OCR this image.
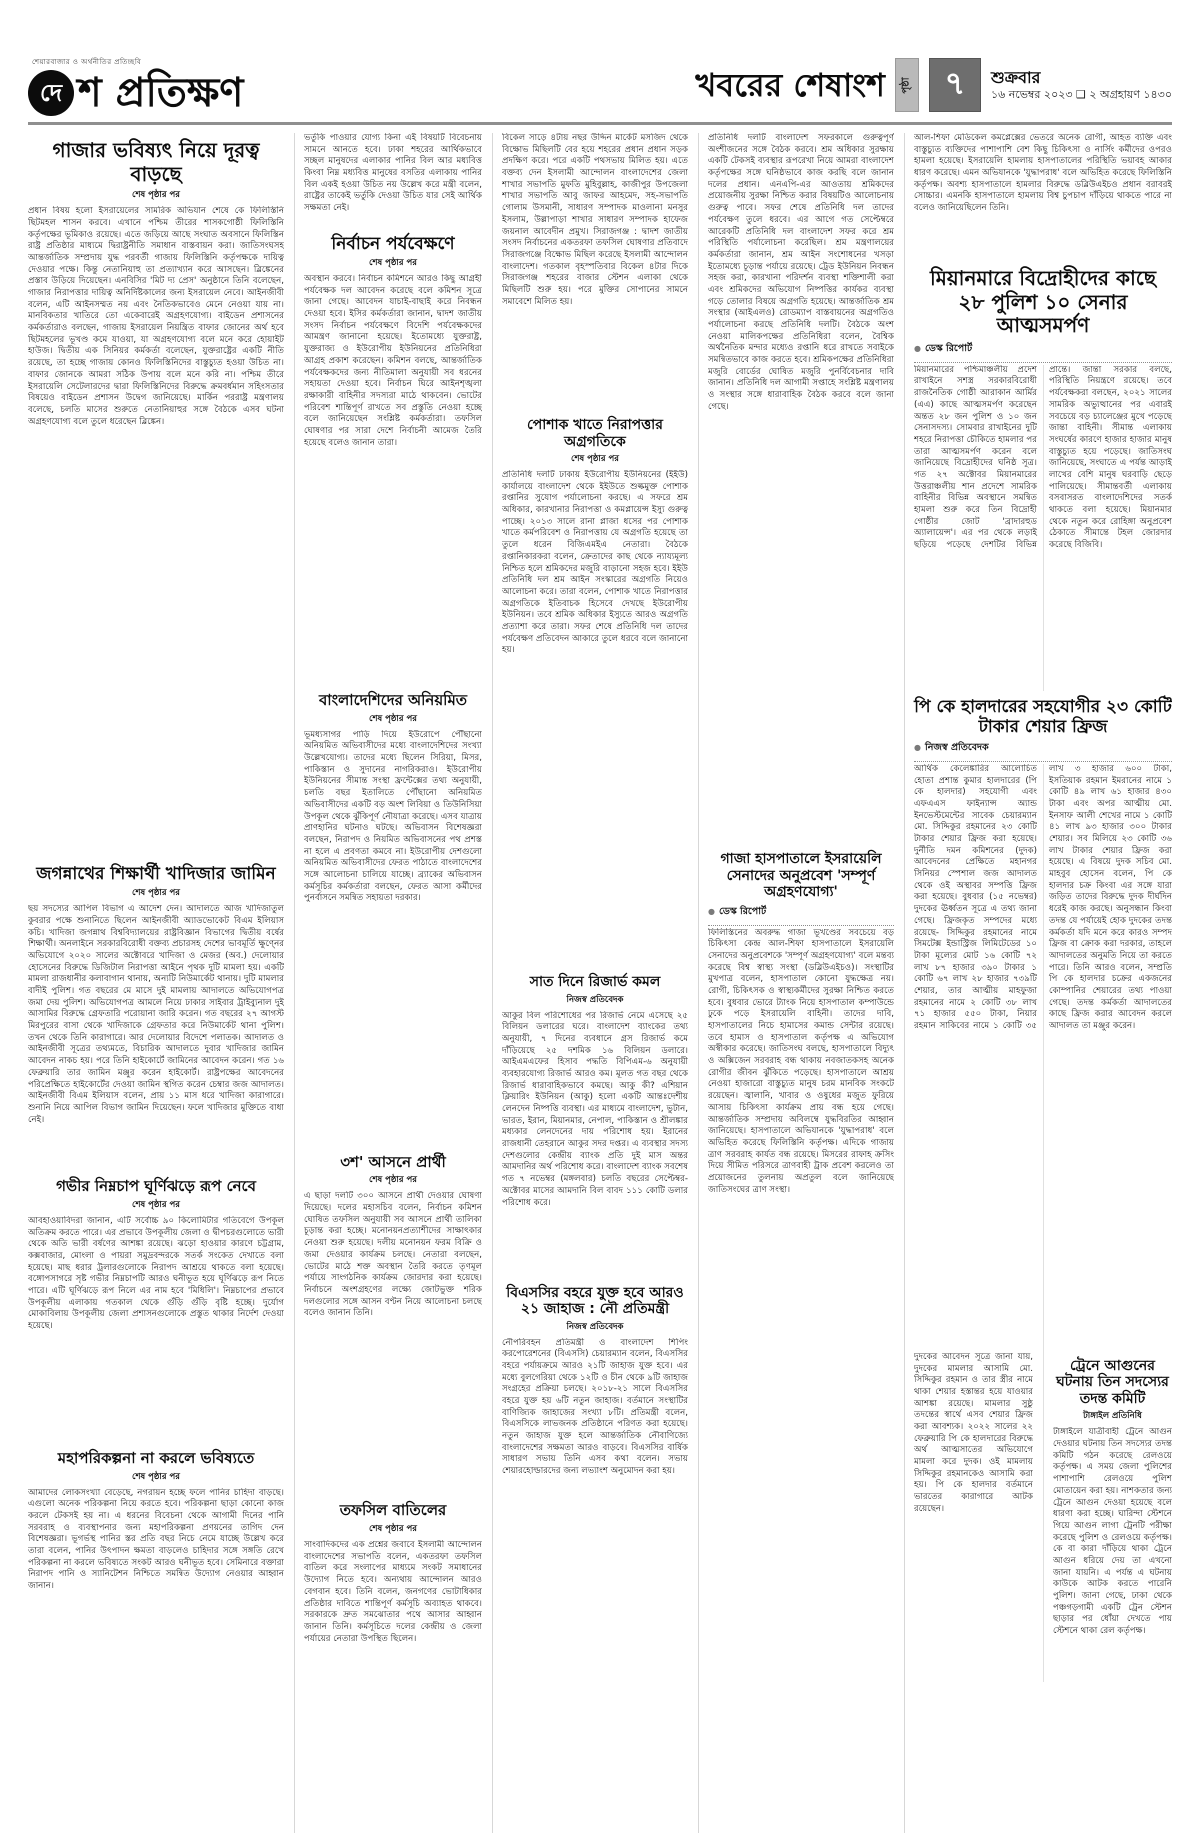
শেয়ারবাজার ও অর্থনীতির প্রতিচ্ছবি
দে শ প্রতিক্ষণ	খবরের শেষাংশ পৃষ্ঠা	৭	শুক্রবার
১৬ নভেম্বর ২০২৩ ❑ ২ অগ্রহায়ণ ১৪৩০
গাজার ভবিষ্যৎ নিয়ে দূরত্ব বাড়ছে
শেষ পৃষ্ঠার পর
প্রধান বিষয় হলো ইসরায়েলের সামরিক অভিযান শেষে কে ফিলিস্তিনি ছিটমহল শাসন করবে। এখানে পশ্চিম তীরের শাসকগোষ্ঠী ফিলিস্তিনি কর্তৃপক্ষের ভূমিকাও রয়েছে। এতে জড়িয়ে আছে সংঘাত অবসানে ফিলিস্তিন রাষ্ট্র প্রতিষ্ঠার মাধ্যমে দ্বিরাষ্ট্রনীতি সমাধান বাস্তবায়ন করা। জাতিসংঘসহ আন্তর্জাতিক সম্প্রদায় যুদ্ধ পরবর্তী গাজায় ফিলিস্তিনি কর্তৃপক্ষকে দায়িত্ব দেওয়ার পক্ষে। কিন্তু নেতানিয়াহু তা প্রত্যাখ্যান করে আসছেন। ব্লিঙ্কেনের প্রস্তাব উড়িয়ে দিয়েছেন। এনবিসির 'মিট দ্য প্রেস' অনুষ্ঠানে তিনি বলেছেন, গাজার নিরাপত্তার দায়িত্ব অনির্দিষ্টকালের জন্য ইসরায়েল নেবে। আইনজীবী বলেন, এটি আইনসম্মত নয় এবং নৈতিকভাবেও মেনে নেওয়া যায় না। মানবিকতার খাতিরে তো একেবারেই অগ্রহণযোগ্য। বাইডেন প্রশাসনের কর্মকর্তারাও বলছেন, গাজায় ইসরায়েল নিয়ন্ত্রিত বাফার জোনের অর্থ হবে ছিটমহলের ভূখণ্ড কমে যাওয়া, যা অগ্রহণযোগ্য বলে মনে করে হোয়াইট হাউজ। দ্বিতীয় এক সিনিয়র কর্মকর্তা বলেছেন, যুক্তরাষ্ট্রের একটি নীতি রয়েছে, তা হচ্ছে গাজায় কোনও ফিলিস্তিনিদের বাস্তুচ্যুত হওয়া উচিত না। বাফার জোনকে আমরা সঠিক উপায় বলে মনে করি না। পশ্চিম তীরে ইসরায়েলি সেটেলারদের দ্বারা ফিলিস্তিনিদের বিরুদ্ধে ক্রমবর্ধমান সহিংসতার বিষয়েও বাইডেন প্রশাসন উদ্বেগ জানিয়েছে। মার্কিন পররাষ্ট্র মন্ত্রণালয় বলেছে, চলতি মাসের শুরুতে নেতানিয়াহুর সঙ্গে বৈঠকে এসব ঘটনা অগ্রহণযোগ্য বলে তুলে ধরেছেন ব্লিঙ্কেন।
জগন্নাথের শিক্ষার্থী খাদিজার জামিন
শেষ পৃষ্ঠার পর
ছয় সদস্যের আপিল বিভাগ এ আদেশ দেন। আদালতে আজ খাদিজাতুল কুবরার পক্ষে শুনানিতে ছিলেন আইনজীবী অ্যাডভোকেট বিএম ইলিয়াস কচি। খাদিজা জগন্নাথ বিশ্ববিদ্যালয়ের রাষ্ট্রবিজ্ঞান বিভাগের দ্বিতীয় বর্ষের শিক্ষার্থী। অনলাইনে সরকারবিরোধী বক্তব্য প্রচারসহ দেশের ভাবমূর্তি ক্ষুণ্নের অভিযোগে ২০২০ সালের অক্টোবরে খাদিজা ও মেজর (অব.) দেলোয়ার হোসেনের বিরুদ্ধে ডিজিটাল নিরাপত্তা আইনে পৃথক দুটি মামলা হয়। একটি মামলা রাজধানীর কলাবাগান থানায়, অন্যটি নিউমার্কেট থানায়। দুটি মামলার বাদীই পুলিশ। গত বছরের মে মাসে দুই মামলায় আদালতে অভিযোগপত্র জমা দেয় পুলিশ। অভিযোগপত্র আমলে নিয়ে ঢাকার সাইবার ট্রাইব্যুনাল দুই আসামির বিরুদ্ধে গ্রেফতারি পরোয়ানা জারি করেন। গত বছরের ২৭ আগস্ট মিরপুরের বাসা থেকে খাদিজাকে গ্রেফতার করে নিউমার্কেট থানা পুলিশ। তখন থেকে তিনি কারাগারে। আর দেলোয়ার বিদেশে পলাতক। আদালত ও আইনজীবী সূত্রের তথ্যমতে, বিচারিক আদালতে দুবার খাদিজার জামিন আবেদন নাকচ হয়। পরে তিনি হাইকোর্টে জামিনের আবেদন করেন। গত ১৬ ফেব্রুয়ারি তার জামিন মঞ্জুর করেন হাইকোর্ট। রাষ্ট্রপক্ষের আবেদনের পরিপ্রেক্ষিতে হাইকোর্টের দেওয়া জামিন স্থগিত করেন চেম্বার জজ আদালত। আইনজীবী বিএম ইলিয়াস বলেন, প্রায় ১১ মাস ধরে খাদিজা কারাগারে। শুনানি নিয়ে আপিল বিভাগ জামিন দিয়েছেন। ফলে খাদিজার মুক্তিতে বাধা নেই।
গভীর নিম্নচাপ ঘূর্ণিঝড়ে রূপ নেবে
শেষ পৃষ্ঠার পর
আবহাওয়াবিদরা জানান, এটি সর্বোচ্চ ৯০ কিলোমিটার গতিবেগে উপকূল অতিক্রম করতে পারে। এর প্রভাবে উপকূলীয় জেলা ও দ্বীপচরগুলোতে ভারী থেকে অতি ভারী বর্ষণের আশঙ্কা রয়েছে। ঝড়ো হাওয়ার কারণে চট্টগ্রাম, কক্সবাজার, মোংলা ও পায়রা সমুদ্রবন্দরকে সতর্ক সংকেত দেখাতে বলা হয়েছে। মাছ ধরার ট্রলারগুলোকে নিরাপদ আশ্রয়ে থাকতে বলা হয়েছে। বঙ্গোপসাগরে সৃষ্ট গভীর নিম্নচাপটি আরও ঘনীভূত হয়ে ঘূর্ণিঝড়ে রূপ নিতে পারে। এটি ঘূর্ণিঝড়ে রূপ নিলে এর নাম হবে 'মিধিলি'। নিম্নচাপের প্রভাবে উপকূলীয় এলাকায় গতকাল থেকে গুঁড়ি গুঁড়ি বৃষ্টি হচ্ছে। দুর্যোগ মোকাবিলায় উপকূলীয় জেলা প্রশাসনগুলোকে প্রস্তুত থাকার নির্দেশ দেওয়া হয়েছে।
মহাপরিকল্পনা না করলে ভবিষ্যতে
শেষ পৃষ্ঠার পর
আমাদের লোকসংখ্যা বেড়েছে, নগরায়ন হচ্ছে ফলে পানির চাহিদা বাড়ছে। এগুলো অনেক পরিকল্পনা নিয়ে করতে হবে। পরিকল্পনা ছাড়া কোনো কাজ করলে টেকসই হয় না। এ ধরনের বিবেচনা থেকে আগামী দিনের পানি সরবরাহ ও ব্যবস্থাপনার জন্য মহাপরিকল্পনা প্রণয়নের তাগিদ দেন বিশেষজ্ঞরা। ভূগর্ভস্থ পানির স্তর প্রতি বছর নিচে নেমে যাচ্ছে উল্লেখ করে তারা বলেন, পানির উৎপাদন ক্ষমতা বাড়লেও চাহিদার সঙ্গে সঙ্গতি রেখে পরিকল্পনা না করলে ভবিষ্যতে সংকট আরও ঘনীভূত হবে। সেমিনারে বক্তারা নিরাপদ পানি ও স্যানিটেশন নিশ্চিতে সমন্বিত উদ্যোগ নেওয়ার আহ্বান জানান।
ভর্তুকি পাওয়ার যোগ্য কিনা এই বিষয়টি বিবেচনায় সামনে আনতে হবে। ঢাকা শহরের আর্থিকভাবে সচ্ছল মানুষদের এলাকার পানির বিল আর মধ্যবিত্ত কিংবা নিম্ন মধ্যবিত্ত মানুষের বসতির এলাকায় পানির বিল একই হওয়া উচিত নয় উল্লেখ করে মন্ত্রী বলেন, রাষ্ট্রের তাকেই ভর্তুকি দেওয়া উচিত যার সেই আর্থিক সক্ষমতা নেই।
নির্বাচন পর্যবেক্ষণে
শেষ পৃষ্ঠার পর
অবস্থান করবে। নির্বাচন কমিশনে আরও কিছু আগ্রহী পর্যবেক্ষক দল আবেদন করেছে বলে কমিশন সূত্রে জানা গেছে। আবেদন যাচাই-বাছাই করে নিবন্ধন দেওয়া হবে। ইসির কর্মকর্তারা জানান, দ্বাদশ জাতীয় সংসদ নির্বাচন পর্যবেক্ষণে বিদেশি পর্যবেক্ষকদের আমন্ত্রণ জানানো হয়েছে। ইতোমধ্যে যুক্তরাষ্ট্র, যুক্তরাজ্য ও ইউরোপীয় ইউনিয়নের প্রতিনিধিরা আগ্রহ প্রকাশ করেছেন। কমিশন বলছে, আন্তর্জাতিক পর্যবেক্ষকদের জন্য নীতিমালা অনুযায়ী সব ধরনের সহায়তা দেওয়া হবে। নির্বাচন ঘিরে আইনশৃঙ্খলা রক্ষাকারী বাহিনীর সদস্যরা মাঠে থাকবেন। ভোটের পরিবেশ শান্তিপূর্ণ রাখতে সব প্রস্তুতি নেওয়া হচ্ছে বলে জানিয়েছেন সংশ্লিষ্ট কর্মকর্তারা। তফসিল ঘোষণার পর সারা দেশে নির্বাচনী আমেজ তৈরি হয়েছে বলেও জানান তারা।
বাংলাদেশিদের অনিয়মিত
শেষ পৃষ্ঠার পর
ভূমধ্যসাগর পাড়ি দিয়ে ইউরোপে পৌঁছানো অনিয়মিত অভিবাসীদের মধ্যে বাংলাদেশিদের সংখ্যা উল্লেখযোগ্য। তাদের মধ্যে ছিলেন সিরিয়া, মিসর, পাকিস্তান ও সুদানের নাগরিকরাও। ইউরোপীয় ইউনিয়নের সীমান্ত সংস্থা ফ্রন্টেক্সের তথ্য অনুযায়ী, চলতি বছর ইতালিতে পৌঁছানো অনিয়মিত অভিবাসীদের একটি বড় অংশ লিবিয়া ও তিউনিসিয়া উপকূল থেকে ঝুঁকিপূর্ণ নৌযাত্রা করেছে। এসব যাত্রায় প্রাণহানির ঘটনাও ঘটছে। অভিবাসন বিশেষজ্ঞরা বলছেন, নিরাপদ ও নিয়মিত অভিবাসনের পথ প্রশস্ত না হলে এ প্রবণতা কমবে না। ইউরোপীয় দেশগুলো অনিয়মিত অভিবাসীদের ফেরত পাঠাতে বাংলাদেশের সঙ্গে আলোচনা চালিয়ে যাচ্ছে। ব্র্যাকের অভিবাসন কর্মসূচির কর্মকর্তারা বলছেন, ফেরত আসা কর্মীদের পুনর্বাসনে সমন্বিত সহায়তা দরকার।
৩শ' আসনে প্রার্থী
শেষ পৃষ্ঠার পর
এ ছাড়া দলটি ৩০০ আসনে প্রার্থী দেওয়ার ঘোষণা দিয়েছে। দলের মহাসচিব বলেন, নির্বাচন কমিশন ঘোষিত তফসিল অনুযায়ী সব আসনে প্রার্থী তালিকা চূড়ান্ত করা হচ্ছে। মনোনয়নপ্রত্যাশীদের সাক্ষাৎকার নেওয়া শুরু হয়েছে। দলীয় মনোনয়ন ফরম বিক্রি ও জমা দেওয়ার কার্যক্রম চলছে। নেতারা বলছেন, ভোটের মাঠে শক্ত অবস্থান তৈরি করতে তৃণমূল পর্যায়ে সাংগঠনিক কার্যক্রম জোরদার করা হয়েছে। নির্বাচনে অংশগ্রহণের লক্ষ্যে জোটভুক্ত শরিক দলগুলোর সঙ্গে আসন বণ্টন নিয়ে আলোচনা চলছে বলেও জানান তিনি।
তফসিল বাতিলের
শেষ পৃষ্ঠার পর
সাংবাদিকদের এক প্রশ্নের জবাবে ইসলামী আন্দোলন বাংলাদেশের সভাপতি বলেন, একতরফা তফসিল বাতিল করে সংলাপের মাধ্যমে সংকট সমাধানের উদ্যোগ নিতে হবে। অন্যথায় আন্দোলন আরও বেগবান হবে। তিনি বলেন, জনগণের ভোটাধিকার প্রতিষ্ঠার দাবিতে শান্তিপূর্ণ কর্মসূচি অব্যাহত থাকবে। সরকারকে দ্রুত সমঝোতার পথে আসার আহ্বান জানান তিনি। কর্মসূচিতে দলের কেন্দ্রীয় ও জেলা পর্যায়ের নেতারা উপস্থিত ছিলেন।
বিকেল সাড়ে ৪টায় নছর উদ্দিন মার্কেট মসজিদ থেকে বিক্ষোভ মিছিলটি বের হয়ে শহরের প্রধান প্রধান সড়ক প্রদক্ষিণ করে। পরে একটি পথসভায় মিলিত হয়। এতে বক্তব্য দেন ইসলামী আন্দোলন বাংলাদেশের জেলা শাখার সভাপতি মুফতি মুহিবুল্লাহ, কাজীপুর উপজেলা শাখার সভাপতি আবু জাফর আহমেদ, সহ-সভাপতি গোলাম উসমানী, সাধারণ সম্পাদক মাওলানা মনসুর ইসলাম, উল্লাপাড়া শাখার সাধারণ সম্পাদক হাফেজ জয়নাল আবেদীন প্রমুখ। সিরাজগঞ্জ : দ্বাদশ জাতীয় সংসদ নির্বাচনের একতরফা তফসিল ঘোষণার প্রতিবাদে সিরাজগঞ্জে বিক্ষোভ মিছিল করেছে ইসলামী আন্দোলন বাংলাদেশ। গতকাল বৃহস্পতিবার বিকেল ৪টার দিকে সিরাজগঞ্জ শহরের বাজার স্টেশন এলাকা থেকে মিছিলটি শুরু হয়। পরে মুক্তির সোপানের সামনে সমাবেশে মিলিত হয়।
পোশাক খাতে নিরাপত্তার অগ্রগতিকে
শেষ পৃষ্ঠার পর
প্রতিনিধি দলটি ঢাকায় ইউরোপীয় ইউনিয়নের (ইইউ) কার্যালয়ে বাংলাদেশ থেকে ইইউতে শুল্কমুক্ত পোশাক রপ্তানির সুযোগ পর্যালোচনা করছে। এ সফরে শ্রম অধিকার, কারখানার নিরাপত্তা ও কমপ্লায়েন্স ইস্যু গুরুত্ব পাচ্ছে। ২০১৩ সালে রানা প্লাজা ধসের পর পোশাক খাতে কর্মপরিবেশ ও নিরাপত্তায় যে অগ্রগতি হয়েছে তা তুলে ধরেন বিজিএমইএ নেতারা। বৈঠকে রপ্তানিকারকরা বলেন, ক্রেতাদের কাছ থেকে ন্যায্যমূল্য নিশ্চিত হলে শ্রমিকদের মজুরি বাড়ানো সহজ হবে। ইইউ প্রতিনিধি দল শ্রম আইন সংস্কারের অগ্রগতি নিয়েও আলোচনা করে। তারা বলেন, পোশাক খাতে নিরাপত্তার অগ্রগতিকে ইতিবাচক হিসেবে দেখছে ইউরোপীয় ইউনিয়ন। তবে শ্রমিক অধিকার ইস্যুতে আরও অগ্রগতি প্রত্যাশা করে তারা। সফর শেষে প্রতিনিধি দল তাদের পর্যবেক্ষণ প্রতিবেদন আকারে তুলে ধরবে বলে জানানো হয়।
সাত দিনে রিজার্ভ কমল
নিজস্ব প্রতিবেদক
আকুর বিল পরিশোধের পর রিজার্ভ নেমে এসেছে ২৫ বিলিয়ন ডলারের ঘরে। বাংলাদেশ ব্যাংকের তথ্য অনুযায়ী, ৭ দিনের ব্যবধানে গ্রস রিজার্ভ কমে দাঁড়িয়েছে ২৫ দশমিক ১৬ বিলিয়ন ডলারে। আইএমএফের হিসাব পদ্ধতি বিপিএম-৬ অনুযায়ী ব্যবহারযোগ্য রিজার্ভ আরও কম। মূলত গত বছর থেকে রিজার্ভ ধারাবাহিকভাবে কমছে। আকু কী? এশিয়ান ক্লিয়ারিং ইউনিয়ন (আকু) হলো একটি আন্তঃদেশীয় লেনদেন নিষ্পত্তি ব্যবস্থা। এর মাধ্যমে বাংলাদেশ, ভুটান, ভারত, ইরান, মিয়ানমার, নেপাল, পাকিস্তান ও শ্রীলঙ্কার মধ্যকার লেনদেনের দায় পরিশোধ হয়। ইরানের রাজধানী তেহরানে আকুর সদর দপ্তর। এ ব্যবস্থার সদস্য দেশগুলোর কেন্দ্রীয় ব্যাংক প্রতি দুই মাস অন্তর আমদানির অর্থ পরিশোধ করে। বাংলাদেশ ব্যাংক সবশেষ গত ৭ নভেম্বর (মঙ্গলবার) চলতি বছরের সেপ্টেম্বর-অক্টোবর মাসের আমদানি বিল বাবদ ১১১ কোটি ডলার পরিশোধ করে।
বিএসসির বহরে যুক্ত হবে আরও ২১ জাহাজ : নৌ প্রতিমন্ত্রী
নিজস্ব প্রতিবেদক
নৌপরিবহন প্রতিমন্ত্রী ও বাংলাদেশ শিপিং করপোরেশনের (বিএসসি) চেয়ারম্যান বলেন, বিএসসির বহরে পর্যায়ক্রমে আরও ২১টি জাহাজ যুক্ত হবে। এর মধ্যে বুলগেরিয়া থেকে ১২টি ও চীন থেকে ৯টি জাহাজ সংগ্রহের প্রক্রিয়া চলছে। ২০১৮-২১ সালে বিএসসির বহরে যুক্ত হয় ৬টি নতুন জাহাজ। বর্তমানে সংস্থাটির বাণিজ্যিক জাহাজের সংখ্যা ৮টি। প্রতিমন্ত্রী বলেন, বিএসসিকে লাভজনক প্রতিষ্ঠানে পরিণত করা হয়েছে। নতুন জাহাজ যুক্ত হলে আন্তর্জাতিক নৌবাণিজ্যে বাংলাদেশের সক্ষমতা আরও বাড়বে। বিএসসির বার্ষিক সাধারণ সভায় তিনি এসব কথা বলেন। সভায় শেয়ারহোল্ডারদের জন্য লভ্যাংশ অনুমোদন করা হয়।
প্রতিনিধি দলটি বাংলাদেশ সফরকালে গুরুত্বপূর্ণ অংশীজনের সঙ্গে বৈঠক করবে। শ্রম অধিকার সুরক্ষায় একটি টেকসই ব্যবস্থার রূপরেখা নিয়ে আমরা বাংলাদেশ কর্তৃপক্ষের সঙ্গে ঘনিষ্ঠভাবে কাজ করছি বলে জানান দলের প্রধান। এনএপি-এর আওতায় শ্রমিকদের প্রয়োজনীয় সুরক্ষা নিশ্চিত করার বিষয়টিও আলোচনায় গুরুত্ব পাবে। সফর শেষে প্রতিনিধি দল তাদের পর্যবেক্ষণ তুলে ধরবে। এর আগে গত সেপ্টেম্বরে আরেকটি প্রতিনিধি দল বাংলাদেশ সফর করে শ্রম পরিস্থিতি পর্যালোচনা করেছিল। শ্রম মন্ত্রণালয়ের কর্মকর্তারা জানান, শ্রম আইন সংশোধনের খসড়া ইতোমধ্যে চূড়ান্ত পর্যায়ে রয়েছে। ট্রেড ইউনিয়ন নিবন্ধন সহজ করা, কারখানা পরিদর্শন ব্যবস্থা শক্তিশালী করা এবং শ্রমিকদের অভিযোগ নিষ্পত্তির কার্যকর ব্যবস্থা গড়ে তোলার বিষয়ে অগ্রগতি হয়েছে। আন্তর্জাতিক শ্রম সংস্থার (আইএলও) রোডম্যাপ বাস্তবায়নের অগ্রগতিও পর্যালোচনা করছে প্রতিনিধি দলটি। বৈঠকে অংশ নেওয়া মালিকপক্ষের প্রতিনিধিরা বলেন, বৈশ্বিক অর্থনৈতিক মন্দার মধ্যেও রপ্তানি ধরে রাখতে সবাইকে সমন্বিতভাবে কাজ করতে হবে। শ্রমিকপক্ষের প্রতিনিধিরা মজুরি বোর্ডের ঘোষিত মজুরি পুনর্বিবেচনার দাবি জানান। প্রতিনিধি দল আগামী সপ্তাহে সংশ্লিষ্ট মন্ত্রণালয় ও সংস্থার সঙ্গে ধারাবাহিক বৈঠক করবে বলে জানা গেছে।
গাজা হাসপাতালে ইসরায়েলি সেনাদের অনুপ্রবেশ 'সম্পূর্ণ অগ্রহণযোগ্য'
● ডেস্ক রিপোর্ট
ফিলিস্তিনের অবরুদ্ধ গাজা ভূখণ্ডের সবচেয়ে বড় চিকিৎসা কেন্দ্র আল-শিফা হাসপাতালে ইসরায়েলি সেনাদের অনুপ্রবেশকে 'সম্পূর্ণ অগ্রহণযোগ্য' বলে মন্তব্য করেছে বিশ্ব স্বাস্থ্য সংস্থা (ডব্লিউএইচও)। সংস্থাটির মুখপাত্র বলেন, হাসপাতাল কোনো যুদ্ধক্ষেত্র নয়। রোগী, চিকিৎসক ও স্বাস্থ্যকর্মীদের সুরক্ষা নিশ্চিত করতে হবে। বুধবার ভোরে ট্যাংক নিয়ে হাসপাতাল কম্পাউন্ডে ঢুকে পড়ে ইসরায়েলি বাহিনী। তাদের দাবি, হাসপাতালের নিচে হামাসের কমান্ড সেন্টার রয়েছে। তবে হামাস ও হাসপাতাল কর্তৃপক্ষ এ অভিযোগ অস্বীকার করেছে। জাতিসংঘ বলছে, হাসপাতালে বিদ্যুৎ ও অক্সিজেন সরবরাহ বন্ধ থাকায় নবজাতকসহ অনেক রোগীর জীবন ঝুঁকিতে পড়েছে। হাসপাতালে আশ্রয় নেওয়া হাজারো বাস্তুচ্যুত মানুষ চরম মানবিক সংকটে রয়েছেন। জ্বালানি, খাবার ও ওষুধের মজুত ফুরিয়ে আসায় চিকিৎসা কার্যক্রম প্রায় বন্ধ হয়ে গেছে। আন্তর্জাতিক সম্প্রদায় অবিলম্বে যুদ্ধবিরতির আহ্বান জানিয়েছে। হাসপাতালে অভিযানকে 'যুদ্ধাপরাধ' বলে অভিহিত করেছে ফিলিস্তিনি কর্তৃপক্ষ। এদিকে গাজায় ত্রাণ সরবরাহ কার্যত বন্ধ রয়েছে। মিসরের রাফাহ ক্রসিং দিয়ে সীমিত পরিসরে ত্রাণবাহী ট্রাক প্রবেশ করলেও তা প্রয়োজনের তুলনায় অপ্রতুল বলে জানিয়েছে জাতিসংঘের ত্রাণ সংস্থা।
আল-শিফা মেডিকেল কমপ্লেক্সের ভেতরে অনেক রোগী, আহত ব্যক্তি এবং বাস্তুচ্যুত ব্যক্তিদের পাশাপাশি বেশ কিছু চিকিৎসা ও নার্সিং কর্মীদের ওপরও হামলা হয়েছে। ইসরায়েলি হামলায় হাসপাতালের পরিস্থিতি ভয়াবহ আকার ধারণ করেছে। এমন অভিযানকে 'যুদ্ধাপরাধ' বলে অভিহিত করেছে ফিলিস্তিনি কর্তৃপক্ষ। অবশ্য হাসপাতালে হামলার বিরুদ্ধে ডব্লিউএইচও প্রধান বরাবরই সোচ্চার। এমনকি হাসপাতালে হামলায় বিশ্ব চুপচাপ দাঁড়িয়ে থাকতে পারে না বলেও জানিয়েছিলেন তিনি।
মিয়ানমারে বিদ্রোহীদের কাছে ২৮ পুলিশ ১০ সেনার আত্মসমর্পণ
● ডেস্ক রিপোর্ট
মিয়ানমারের পশ্চিমাঞ্চলীয় প্রদেশ রাখাইনে সশস্ত্র সরকারবিরোধী রাজনৈতিক গোষ্ঠী আরাকান আর্মির (এএ) কাছে আত্মসমর্পণ করেছেন অন্তত ২৮ জন পুলিশ ও ১০ জন সেনাসদস্য। সোমবার রাখাইনের দুটি শহরে নিরাপত্তা চৌকিতে হামলার পর তারা আত্মসমর্পণ করেন বলে জানিয়েছে বিদ্রোহীদের ঘনিষ্ঠ সূত্র। গত ২৭ অক্টোবর মিয়ানমারের উত্তরাঞ্চলীয় শান প্রদেশে সামরিক বাহিনীর বিভিন্ন অবস্থানে সমন্বিত হামলা শুরু করে তিন বিদ্রোহী গোষ্ঠীর জোট 'ব্রাদারহুড অ্যালায়েন্স'। এর পর থেকে লড়াই ছড়িয়ে পড়েছে দেশটির বিভিন্ন প্রান্তে। জান্তা সরকার বলছে, পরিস্থিতি নিয়ন্ত্রণে রয়েছে। তবে পর্যবেক্ষকরা বলছেন, ২০২১ সালের সামরিক অভ্যুত্থানের পর এবারই সবচেয়ে বড় চ্যালেঞ্জের মুখে পড়েছে জান্তা বাহিনী। সীমান্ত এলাকায় সংঘর্ষের কারণে হাজার হাজার মানুষ বাস্তুচ্যুত হয়ে পড়েছে। জাতিসংঘ জানিয়েছে, সংঘাতে এ পর্যন্ত আড়াই লাখের বেশি মানুষ ঘরবাড়ি ছেড়ে পালিয়েছে। সীমান্তবর্তী এলাকায় বসবাসরত বাংলাদেশিদের সতর্ক থাকতে বলা হয়েছে। মিয়ানমার থেকে নতুন করে রোহিঙ্গা অনুপ্রবেশ ঠেকাতে সীমান্তে টহল জোরদার করেছে বিজিবি।
পি কে হালদারের সহযোগীর ২৩ কোটি টাকার শেয়ার ফ্রিজ
● নিজস্ব প্রতিবেদক
আর্থিক কেলেঙ্কারির আলোচিত হোতা প্রশান্ত কুমার হালদারের (পি কে হালদার) সহযোগী এবং এফএএস ফাইন্যান্স অ্যান্ড ইনভেস্টমেন্টের সাবেক চেয়ারম্যান মো. সিদ্দিকুর রহমানের ২৩ কোটি টাকার শেয়ার ফ্রিজ করা হয়েছে। দুর্নীতি দমন কমিশনের (দুদক) আবেদনের প্রেক্ষিতে মহানগর সিনিয়র স্পেশাল জজ আদালত থেকে ওই অস্থাবর সম্পত্তি ফ্রিজ করা হয়েছে। বুধবার (১৫ নভেম্বর) দুদকের ঊর্ধ্বতন সূত্রে এ তথ্য জানা গেছে। ফ্রিজকৃত সম্পদের মধ্যে রয়েছে- সিদ্দিকুর রহমানের নামে সিমটেক্স ইন্ডাস্ট্রিজ লিমিটেডের ১০ টাকা মূল্যের মোট ১৬ কোটি ৭২ লাখ ৮৭ হাজার ৩৯০ টাকার ১ কোটি ৬৭ লাখ ২৮ হাজার ৭৩৯টি শেয়ার, তার আত্মীয় মাহফুজা রহমানের নামে ২ কোটি ৩৮ লাখ ৭১ হাজার ৫৫০ টাকা, নিয়ার রহমান সাকিবের নামে ১ কোটি ৩৫ লাখ ৩ হাজার ৬০০ টাকা, ইসতিয়াক রহমান ইমরানের নামে ১ কোটি ৪৯ লাখ ৬১ হাজার ৪৩০ টাকা এবং অপর আত্মীয় মো. ইনসাফ আলী শেখের নামে ১ কোটি ৪১ লাখ ৯৩ হাজার ৩০০ টাকার শেয়ার। সব মিলিয়ে ২৩ কোটি ৩৬ লাখ টাকার শেয়ার ফ্রিজ করা হয়েছে। এ বিষয়ে দুদক সচিব মো. মাহবুব হোসেন বলেন, পি কে হালদার চক্র কিংবা এর সঙ্গে যারা জড়িত তাদের বিরুদ্ধে দুদক দীর্ঘদিন ধরেই কাজ করছে। অনুসন্ধান কিংবা তদন্ত যে পর্যায়েই হোক দুদকের তদন্ত কর্মকর্তা যদি মনে করে কারও সম্পদ ফ্রিজ বা ক্রোক করা দরকার, তাহলে আদালতের অনুমতি নিয়ে তা করতে পারে। তিনি আরও বলেন, সম্প্রতি পি কে হালদার চক্রের একজনের কোম্পানির শেয়ারের তথ্য পাওয়া গেছে। তদন্ত কর্মকর্তা আদালতের কাছে ফ্রিজ করার আবেদন করলে আদালত তা মঞ্জুর করেন।
দুদকের আবেদন সূত্রে জানা যায়, দুদকের মামলার আসামি মো. সিদ্দিকুর রহমান ও তার স্ত্রীর নামে থাকা শেয়ার হস্তান্তর হয়ে যাওয়ার আশঙ্কা রয়েছে। মামলার সুষ্ঠু তদন্তের স্বার্থে এসব শেয়ার ফ্রিজ করা আবশ্যক। ২০২২ সালের ২২ ফেব্রুয়ারি পি কে হালদারের বিরুদ্ধে অর্থ আত্মসাতের অভিযোগে মামলা করে দুদক। ওই মামলায় সিদ্দিকুর রহমানকেও আসামি করা হয়। পি কে হালদার বর্তমানে ভারতের কারাগারে আটক রয়েছেন।
ট্রেনে আগুনের ঘটনায় তিন সদস্যের তদন্ত কমিটি
টাঙ্গাইল প্রতিনিধি
টাঙ্গাইলে যাত্রীবাহী ট্রেনে আগুন দেওয়ার ঘটনায় তিন সদস্যের তদন্ত কমিটি গঠন করেছে রেলওয়ে কর্তৃপক্ষ। এ সময় জেলা পুলিশের পাশাপাশি রেলওয়ে পুলিশ মোতায়েন করা হয়। নাশকতার জন্য ট্রেনে আগুন দেওয়া হয়েছে বলে ধারণা করা হচ্ছে। ঘারিন্দা স্টেশনে গিয়ে আগুন লাগা ট্রেনটি পরীক্ষা করেছে পুলিশ ও রেলওয়ে কর্তৃপক্ষ। কে বা কারা দাঁড়িয়ে থাকা ট্রেনে আগুন ধরিয়ে দেয় তা এখনো জানা যায়নি। এ পর্যন্ত এ ঘটনায় কাউকে আটক করতে পারেনি পুলিশ। জানা গেছে, ঢাকা থেকে পঞ্চগড়গামী একটি ট্রেন স্টেশন ছাড়ার পর ধোঁয়া দেখতে পায় স্টেশনে থাকা রেল কর্তৃপক্ষ।
